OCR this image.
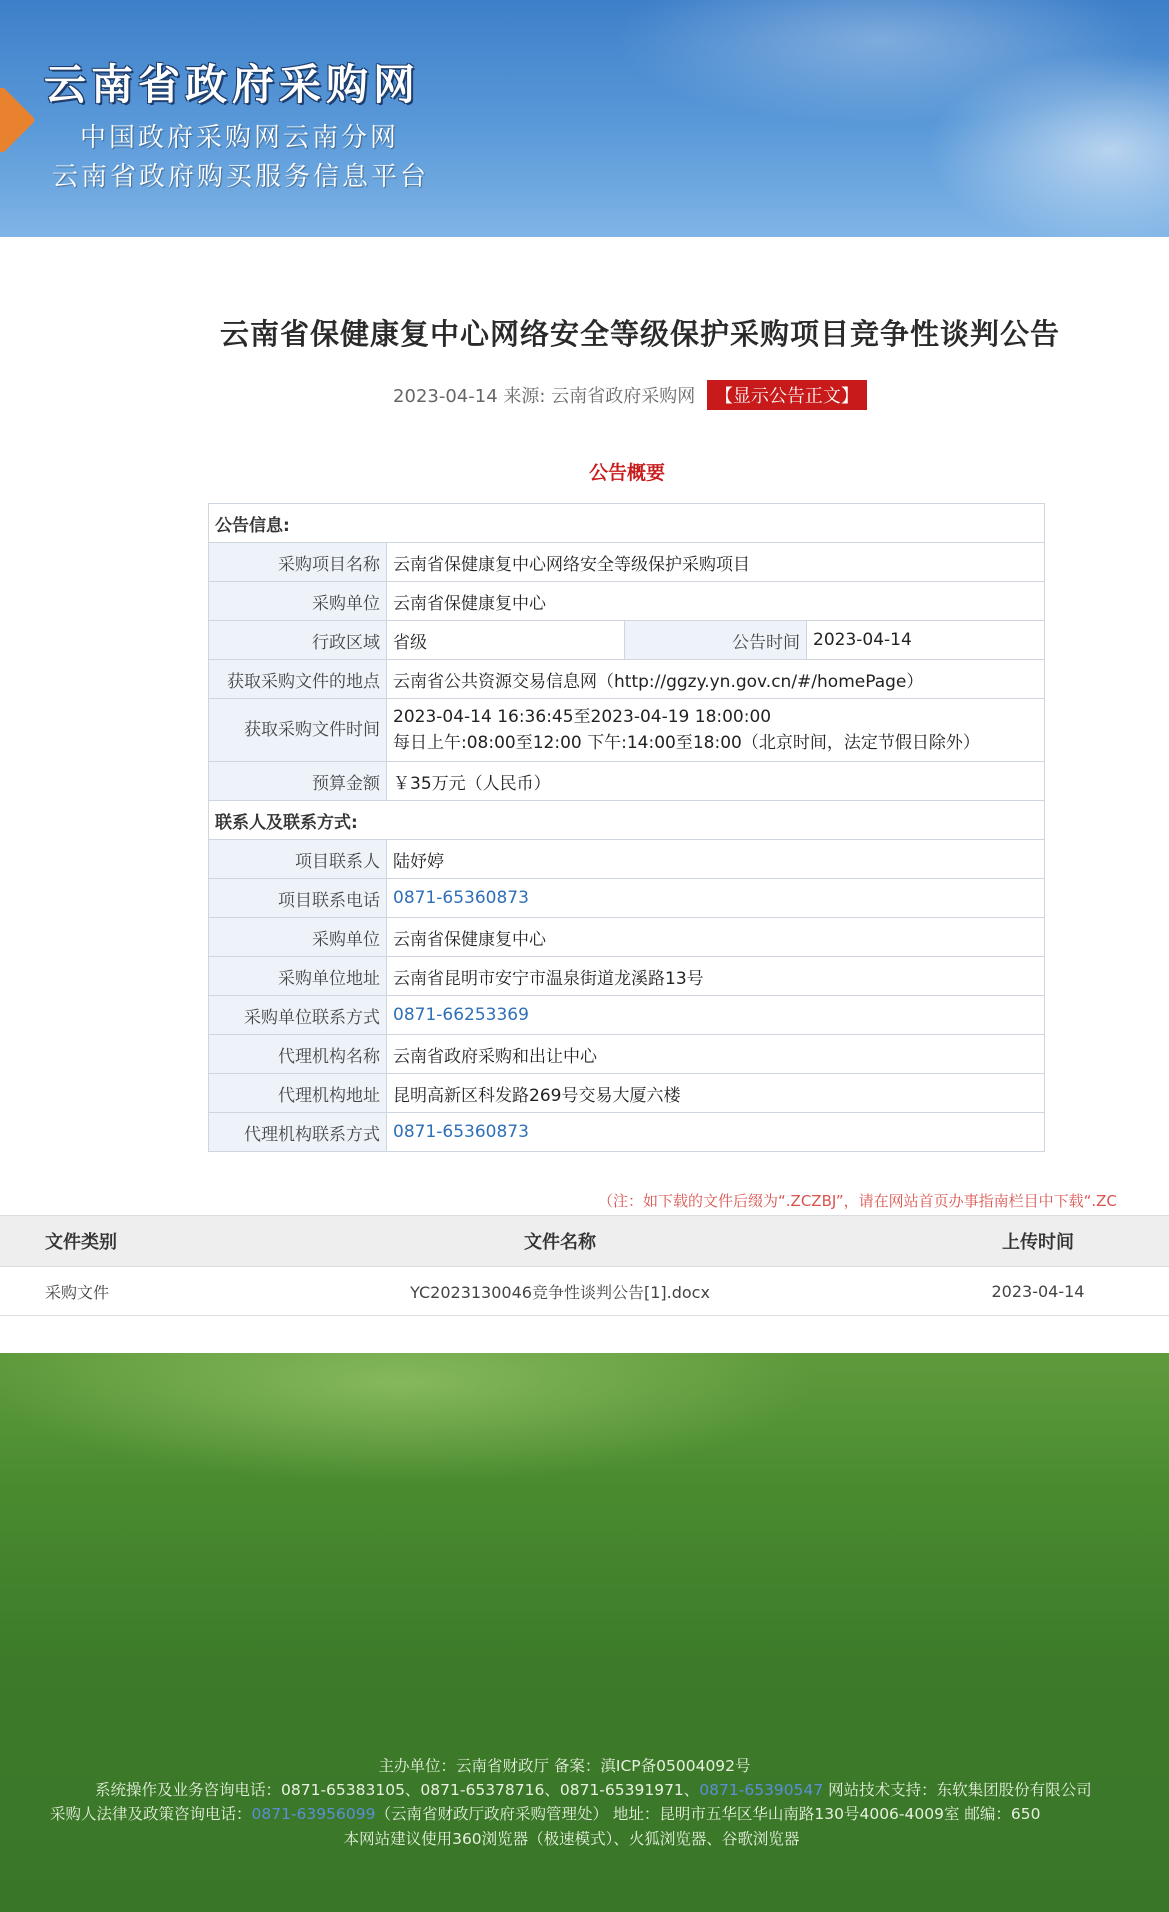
云南省政府采购网
中国政府采购网云南分网
云南省政府购买服务信息平台
云南省保健康复中心网络安全等级保护采购项目竞争性谈判公告
2023-04-14 来源: 云南省政府采购网 【显示公告正文】
公告概要
公告信息:			
采购项目名称	云南省保健康复中心网络安全等级保护采购项目		
采购单位	云南省保健康复中心		
行政区域	省级	公告时间	2023-04-14
获取采购文件的地点	云南省公共资源交易信息网（http://ggzy.yn.gov.cn/#/homePage）		
获取采购文件时间	2023-04-14 16:36:45至2023-04-19 18:00:00
每日上午:08:00至12:00 下午:14:00至18:00（北京时间，法定节假日除外）		

预算金额	￥35万元（人民币）		
联系人及联系方式:			
项目联系人	陆妤婷		
项目联系电话	0871-65360873		
采购单位	云南省保健康复中心		
采购单位地址	云南省昆明市安宁市温泉街道龙溪路13号		
采购单位联系方式	0871-66253369		
代理机构名称	云南省政府采购和出让中心		
代理机构地址	昆明高新区科发路269号交易大厦六楼		
代理机构联系方式	0871-65360873		
（注：如下载的文件后缀为“.ZCZBJ”，请在网站首页办事指南栏目中下载“.ZC
文件类别	文件名称	上传时间
采购文件	YC2023130046竞争性谈判公告[1].docx	2023-04-14
主办单位：云南省财政厅 备案：滇ICP备05004092号
系统操作及业务咨询电话：0871-65383105、0871-65378716、0871-65391971、0871-65390547 网站技术支持：东软集团股份有限公司
采购人法律及政策咨询电话：0871-63956099（云南省财政厅政府采购管理处） 地址：昆明市五华区华山南路130号4006-4009室 邮编：650
本网站建议使用360浏览器（极速模式）、火狐浏览器、谷歌浏览器
